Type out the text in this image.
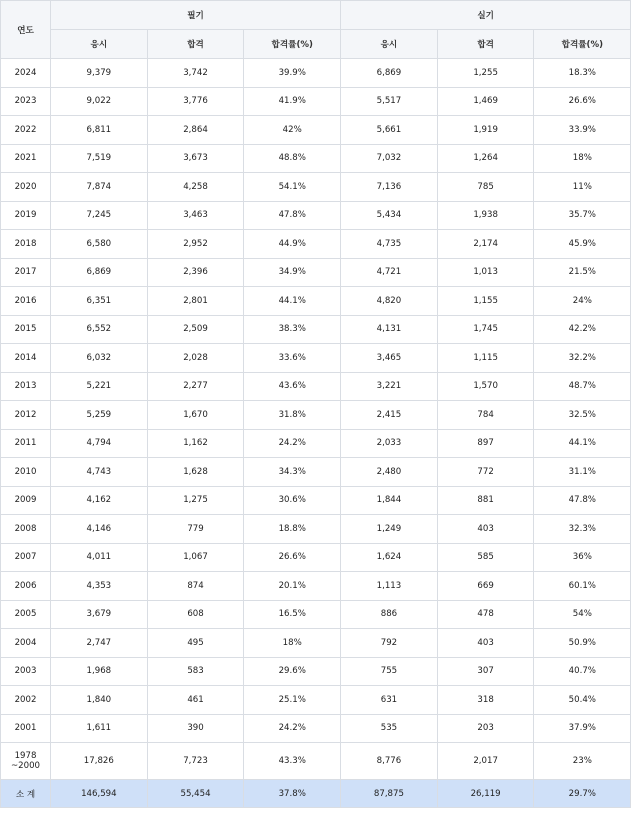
연도	필기			실기		
	응시	합격	합격률(%)	응시	합격	합격률(%)
2024	9,379	3,742	39.9%	6,869	1,255	18.3%
2023	9,022	3,776	41.9%	5,517	1,469	26.6%
2022	6,811	2,864	42%	5,661	1,919	33.9%
2021	7,519	3,673	48.8%	7,032	1,264	18%
2020	7,874	4,258	54.1%	7,136	785	11%
2019	7,245	3,463	47.8%	5,434	1,938	35.7%
2018	6,580	2,952	44.9%	4,735	2,174	45.9%
2017	6,869	2,396	34.9%	4,721	1,013	21.5%
2016	6,351	2,801	44.1%	4,820	1,155	24%
2015	6,552	2,509	38.3%	4,131	1,745	42.2%
2014	6,032	2,028	33.6%	3,465	1,115	32.2%
2013	5,221	2,277	43.6%	3,221	1,570	48.7%
2012	5,259	1,670	31.8%	2,415	784	32.5%
2011	4,794	1,162	24.2%	2,033	897	44.1%
2010	4,743	1,628	34.3%	2,480	772	31.1%
2009	4,162	1,275	30.6%	1,844	881	47.8%
2008	4,146	779	18.8%	1,249	403	32.3%
2007	4,011	1,067	26.6%	1,624	585	36%
2006	4,353	874	20.1%	1,113	669	60.1%
2005	3,679	608	16.5%	886	478	54%
2004	2,747	495	18%	792	403	50.9%
2003	1,968	583	29.6%	755	307	40.7%
2002	1,840	461	25.1%	631	318	50.4%
2001	1,611	390	24.2%	535	203	37.9%
1978
~2000	17,826	7,723	43.3%	8,776	2,017	23%
소 계	146,594	55,454	37.8%	87,875	26,119	29.7%
